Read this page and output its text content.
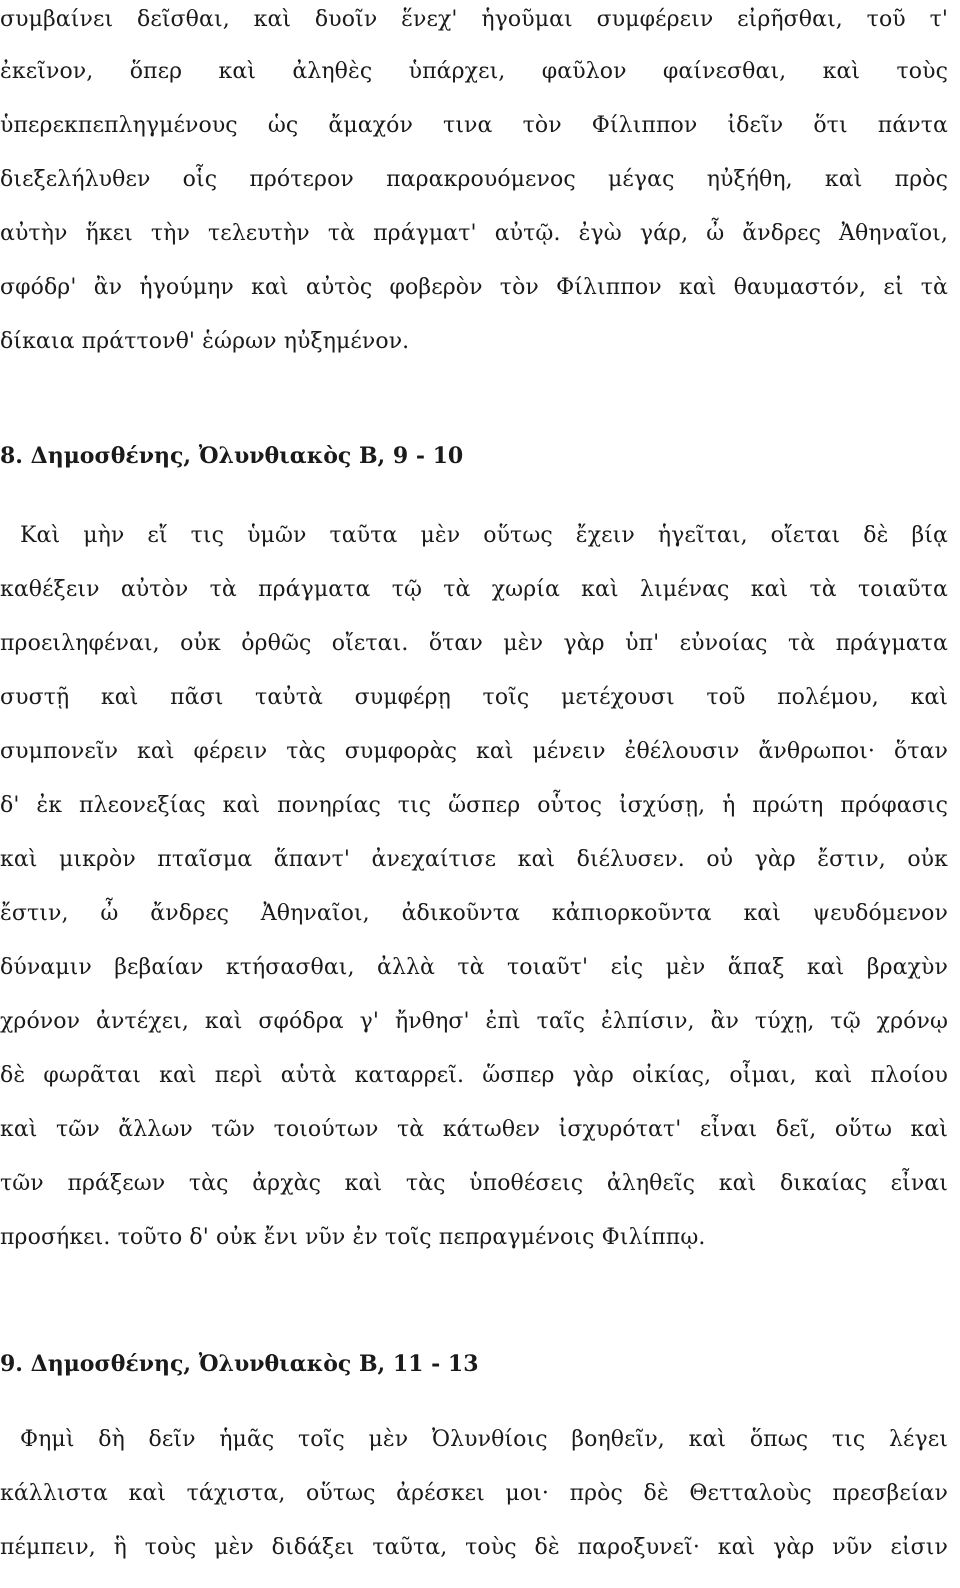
συμβαίνει δεῖσθαι, καὶ δυοῖν ἕνεχ' ἡγοῦμαι συμφέρειν εἰρῆσθαι, τοῦ τ'
ἐκεῖνον, ὅπερ καὶ ἀληθὲς ὑπάρχει, φαῦλον φαίνεσθαι, καὶ τοὺς
ὑπερεκπεπληγμένους ὡς ἄμαχόν τινα τὸν Φίλιππον ἰδεῖν ὅτι πάντα
διεξελήλυθεν οἷς πρότερον παρακρουόμενος μέγας ηὐξήθη, καὶ πρὸς
αὐτὴν ἥκει τὴν τελευτὴν τὰ πράγματ' αὐτῷ. ἐγὼ γάρ, ὦ ἄνδρες Ἀθηναῖοι,
σφόδρ' ἂν ἡγούμην καὶ αὐτὸς φοβερὸν τὸν Φίλιππον καὶ θαυμαστόν, εἰ τὰ
δίκαια πράττονθ' ἑώρων ηὐξημένον.
8. Δημοσθένης, Ὀλυνθιακὸς Β, 9 - 10
Καὶ μὴν εἴ τις ὑμῶν ταῦτα μὲν οὕτως ἔχειν ἡγεῖται, οἴεται δὲ βίᾳ
καθέξειν αὐτὸν τὰ πράγματα τῷ τὰ χωρία καὶ λιμένας καὶ τὰ τοιαῦτα
προειληφέναι, οὐκ ὀρθῶς οἴεται. ὅταν μὲν γὰρ ὑπ' εὐνοίας τὰ πράγματα
συστῇ καὶ πᾶσι ταὐτὰ συμφέρῃ τοῖς μετέχουσι τοῦ πολέμου, καὶ
συμπονεῖν καὶ φέρειν τὰς συμφορὰς καὶ μένειν ἐθέλουσιν ἄνθρωποι· ὅταν
δ' ἐκ πλεονεξίας καὶ πονηρίας τις ὥσπερ οὗτος ἰσχύσῃ, ἡ πρώτη πρόφασις
καὶ μικρὸν πταῖσμα ἅπαντ' ἀνεχαίτισε καὶ διέλυσεν. οὐ γὰρ ἔστιν, οὐκ
ἔστιν, ὦ ἄνδρες Ἀθηναῖοι, ἀδικοῦντα κἀπιορκοῦντα καὶ ψευδόμενον
δύναμιν βεβαίαν κτήσασθαι, ἀλλὰ τὰ τοιαῦτ' εἰς μὲν ἅπαξ καὶ βραχὺν
χρόνον ἀντέχει, καὶ σφόδρα γ' ἤνθησ' ἐπὶ ταῖς ἐλπίσιν, ἂν τύχῃ, τῷ χρόνῳ
δὲ φωρᾶται καὶ περὶ αὑτὰ καταρρεῖ. ὥσπερ γὰρ οἰκίας, οἶμαι, καὶ πλοίου
καὶ τῶν ἄλλων τῶν τοιούτων τὰ κάτωθεν ἰσχυρότατ' εἶναι δεῖ, οὕτω καὶ
τῶν πράξεων τὰς ἀρχὰς καὶ τὰς ὑποθέσεις ἀληθεῖς καὶ δικαίας εἶναι
προσήκει. τοῦτο δ' οὐκ ἔνι νῦν ἐν τοῖς πεπραγμένοις Φιλίππῳ.
9. Δημοσθένης, Ὀλυνθιακὸς Β, 11 - 13
Φημὶ δὴ δεῖν ἡμᾶς τοῖς μὲν Ὀλυνθίοις βοηθεῖν, καὶ ὅπως τις λέγει
κάλλιστα καὶ τάχιστα, οὕτως ἀρέσκει μοι· πρὸς δὲ Θετταλοὺς πρεσβείαν
πέμπειν, ἣ τοὺς μὲν διδάξει ταῦτα, τοὺς δὲ παροξυνεῖ· καὶ γὰρ νῦν εἰσιν
